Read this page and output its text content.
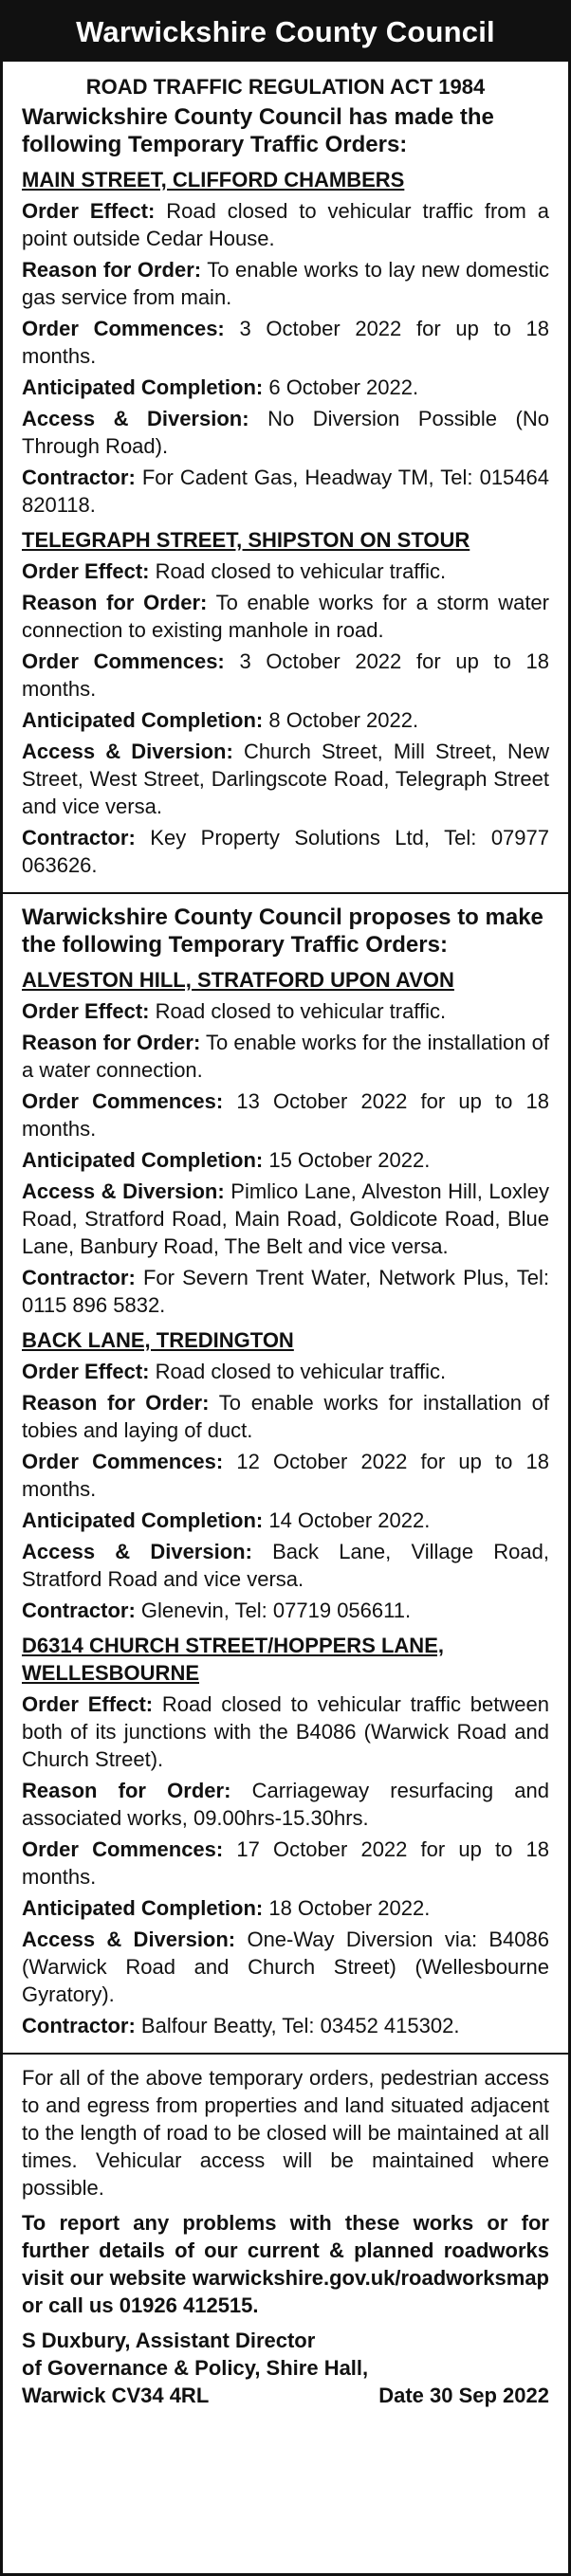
Warwickshire County Council
ROAD TRAFFIC REGULATION ACT 1984
Warwickshire County Council has made the following Temporary Traffic Orders:
MAIN STREET, CLIFFORD CHAMBERS
Order Effect: Road closed to vehicular traffic from a point outside Cedar House.
Reason for Order: To enable works to lay new domestic gas service from main.
Order Commences: 3 October 2022 for up to 18 months.
Anticipated Completion: 6 October 2022.
Access & Diversion: No Diversion Possible (No Through Road).
Contractor: For Cadent Gas, Headway TM, Tel: 015464 820118.
TELEGRAPH STREET, SHIPSTON ON STOUR
Order Effect: Road closed to vehicular traffic.
Reason for Order: To enable works for a storm water connection to existing manhole in road.
Order Commences: 3 October 2022 for up to 18 months.
Anticipated Completion: 8 October 2022.
Access & Diversion: Church Street, Mill Street, New Street, West Street, Darlingscote Road, Telegraph Street and vice versa.
Contractor: Key Property Solutions Ltd, Tel: 07977 063626.
Warwickshire County Council proposes to make the following Temporary Traffic Orders:
ALVESTON HILL, STRATFORD UPON AVON
Order Effect: Road closed to vehicular traffic.
Reason for Order: To enable works for the installation of a water connection.
Order Commences: 13 October 2022 for up to 18 months.
Anticipated Completion: 15 October 2022.
Access & Diversion: Pimlico Lane, Alveston Hill, Loxley Road, Stratford Road, Main Road, Goldicote Road, Blue Lane, Banbury Road, The Belt and vice versa.
Contractor: For Severn Trent Water, Network Plus, Tel: 0115 896 5832.
BACK LANE, TREDINGTON
Order Effect: Road closed to vehicular traffic.
Reason for Order: To enable works for installation of tobies and laying of duct.
Order Commences: 12 October 2022 for up to 18 months.
Anticipated Completion: 14 October 2022.
Access & Diversion: Back Lane, Village Road, Stratford Road and vice versa.
Contractor: Glenevin, Tel: 07719 056611.
D6314 CHURCH STREET/HOPPERS LANE, WELLESBOURNE
Order Effect: Road closed to vehicular traffic between both of its junctions with the B4086 (Warwick Road and Church Street).
Reason for Order: Carriageway resurfacing and associated works, 09.00hrs-15.30hrs.
Order Commences: 17 October 2022 for up to 18 months.
Anticipated Completion: 18 October 2022.
Access & Diversion: One-Way Diversion via: B4086 (Warwick Road and Church Street) (Wellesbourne Gyratory).
Contractor: Balfour Beatty, Tel: 03452 415302.
For all of the above temporary orders, pedestrian access to and egress from properties and land situated adjacent to the length of road to be closed will be maintained at all times. Vehicular access will be maintained where possible.
To report any problems with these works or for further details of our current & planned roadworks visit our website warwickshire.gov.uk/roadworksmap or call us 01926 412515.
S Duxbury, Assistant Director
of Governance & Policy, Shire Hall,
Warwick CV34 4RL	Date 30 Sep 2022
